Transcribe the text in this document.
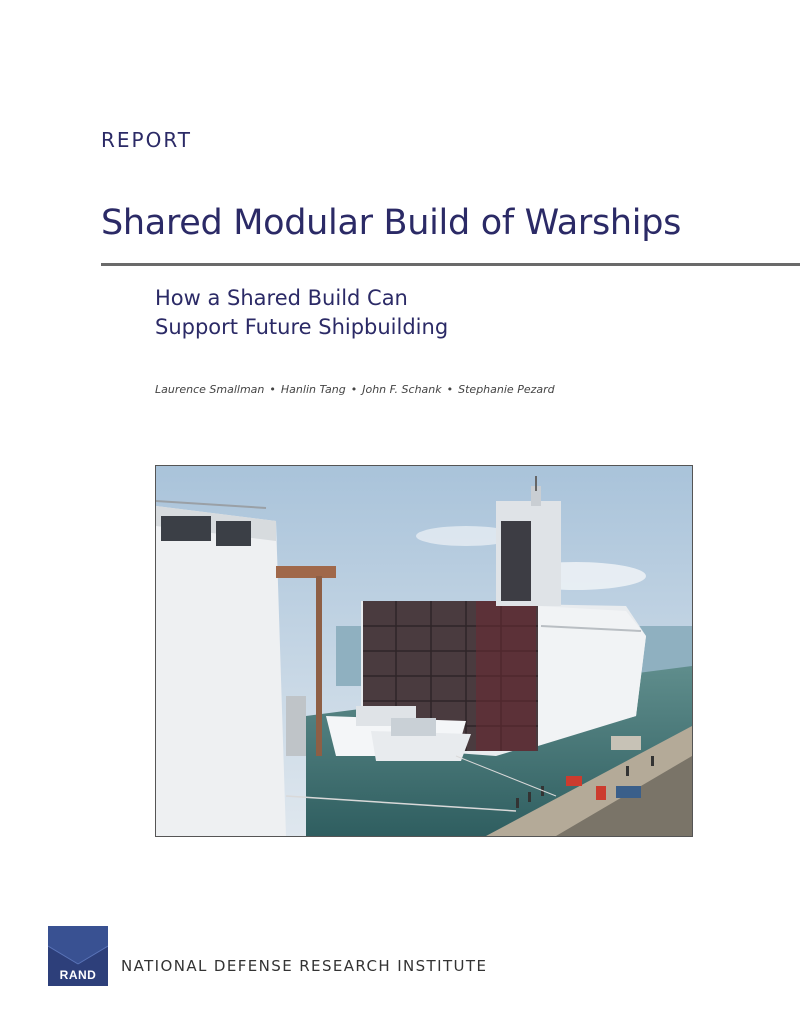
REPORT
Shared Modular Build of Warships
How a Shared Build Can
Support Future Shipbuilding
Laurence Smallman • Hanlin Tang • John F. Schank • Stephanie Pezard
RAND	NATIONAL DEFENSE RESEARCH INSTITUTE
